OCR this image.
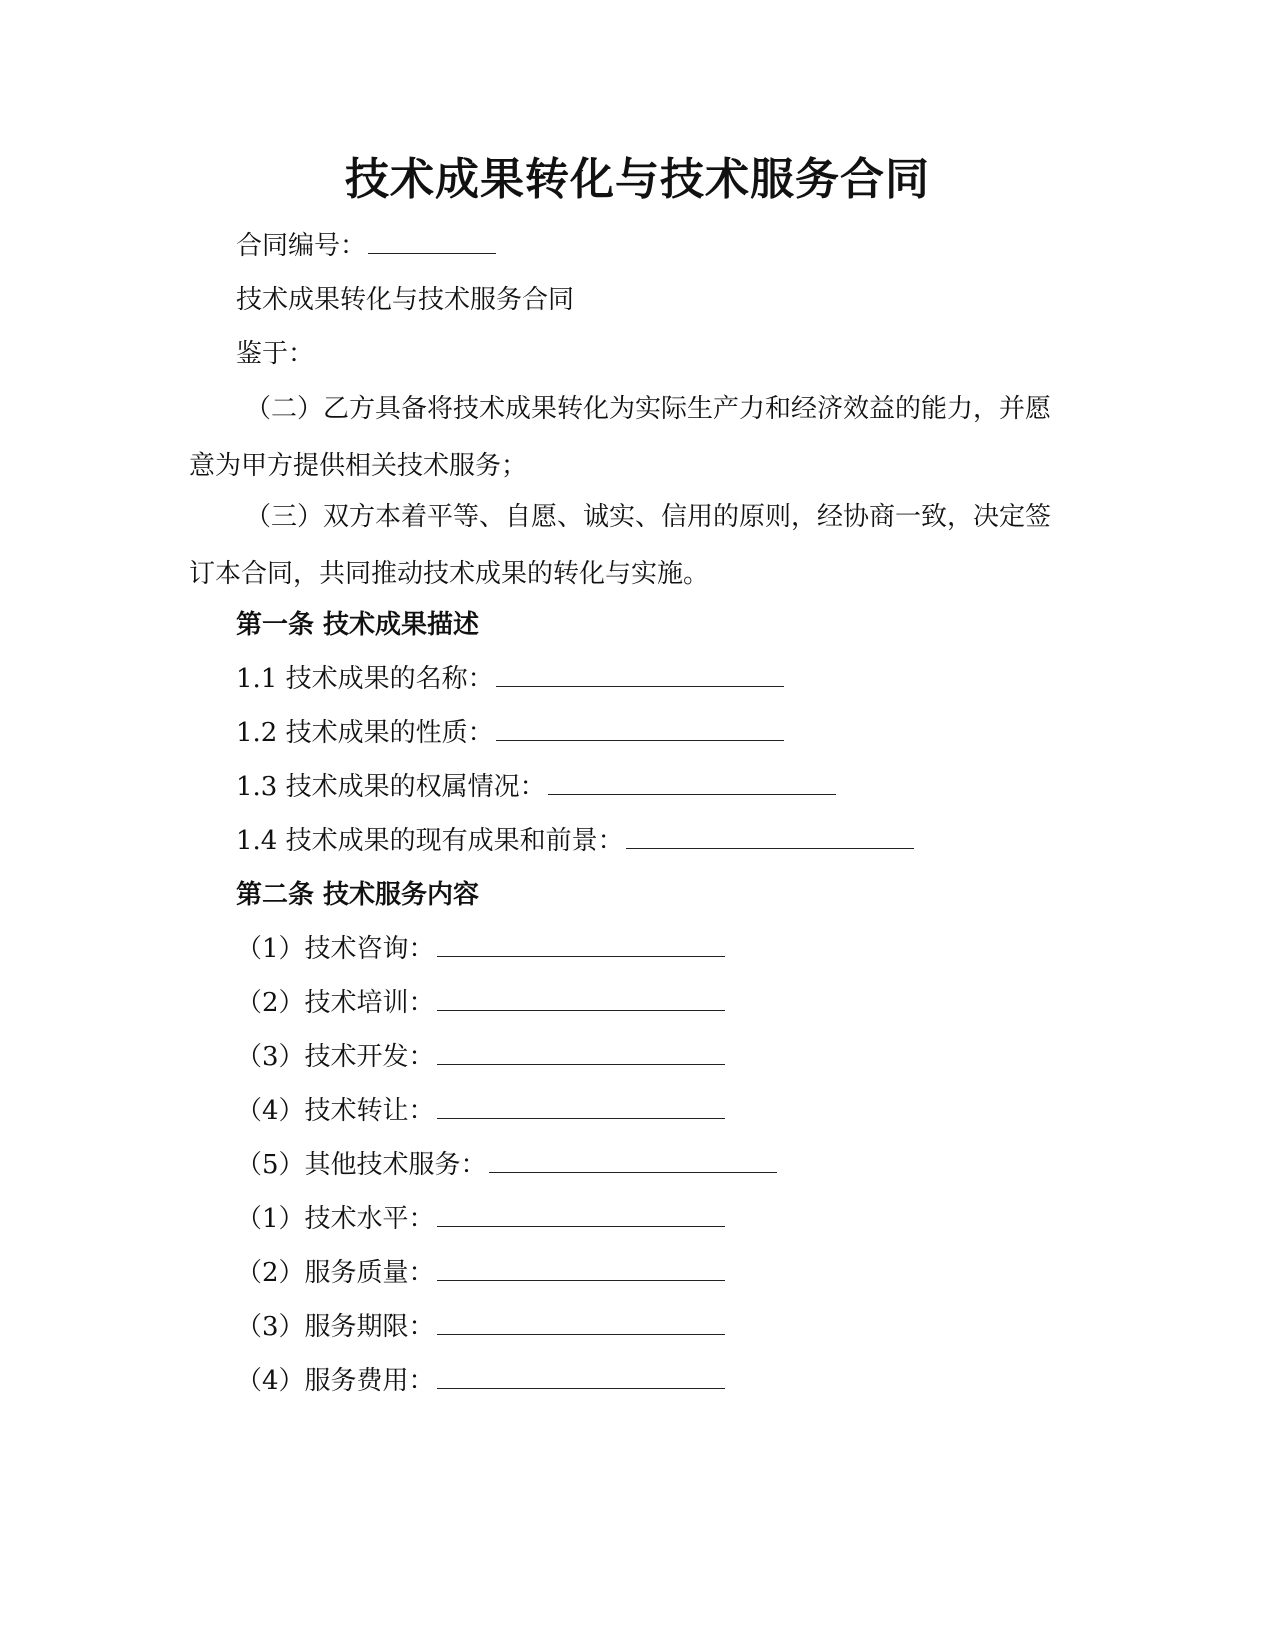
技术成果转化与技术服务合同

合同编号：

技术成果转化与技术服务合同

鉴于：

（二）乙方具备将技术成果转化为实际生产力和经济效益的能力，并愿意为甲方提供相关技术服务；

（三）双方本着平等、自愿、诚实、信用的原则，经协商一致，决定签订本合同，共同推动技术成果的转化与实施。

第一条 技术成果描述

1.1 技术成果的名称：

1.2 技术成果的性质：

1.3 技术成果的权属情况：

1.4 技术成果的现有成果和前景：

第二条 技术服务内容

（1）技术咨询：

（2）技术培训：

（3）技术开发：

（4）技术转让：

（5）其他技术服务：

（1）技术水平：

（2）服务质量：

（3）服务期限：

（4）服务费用：
